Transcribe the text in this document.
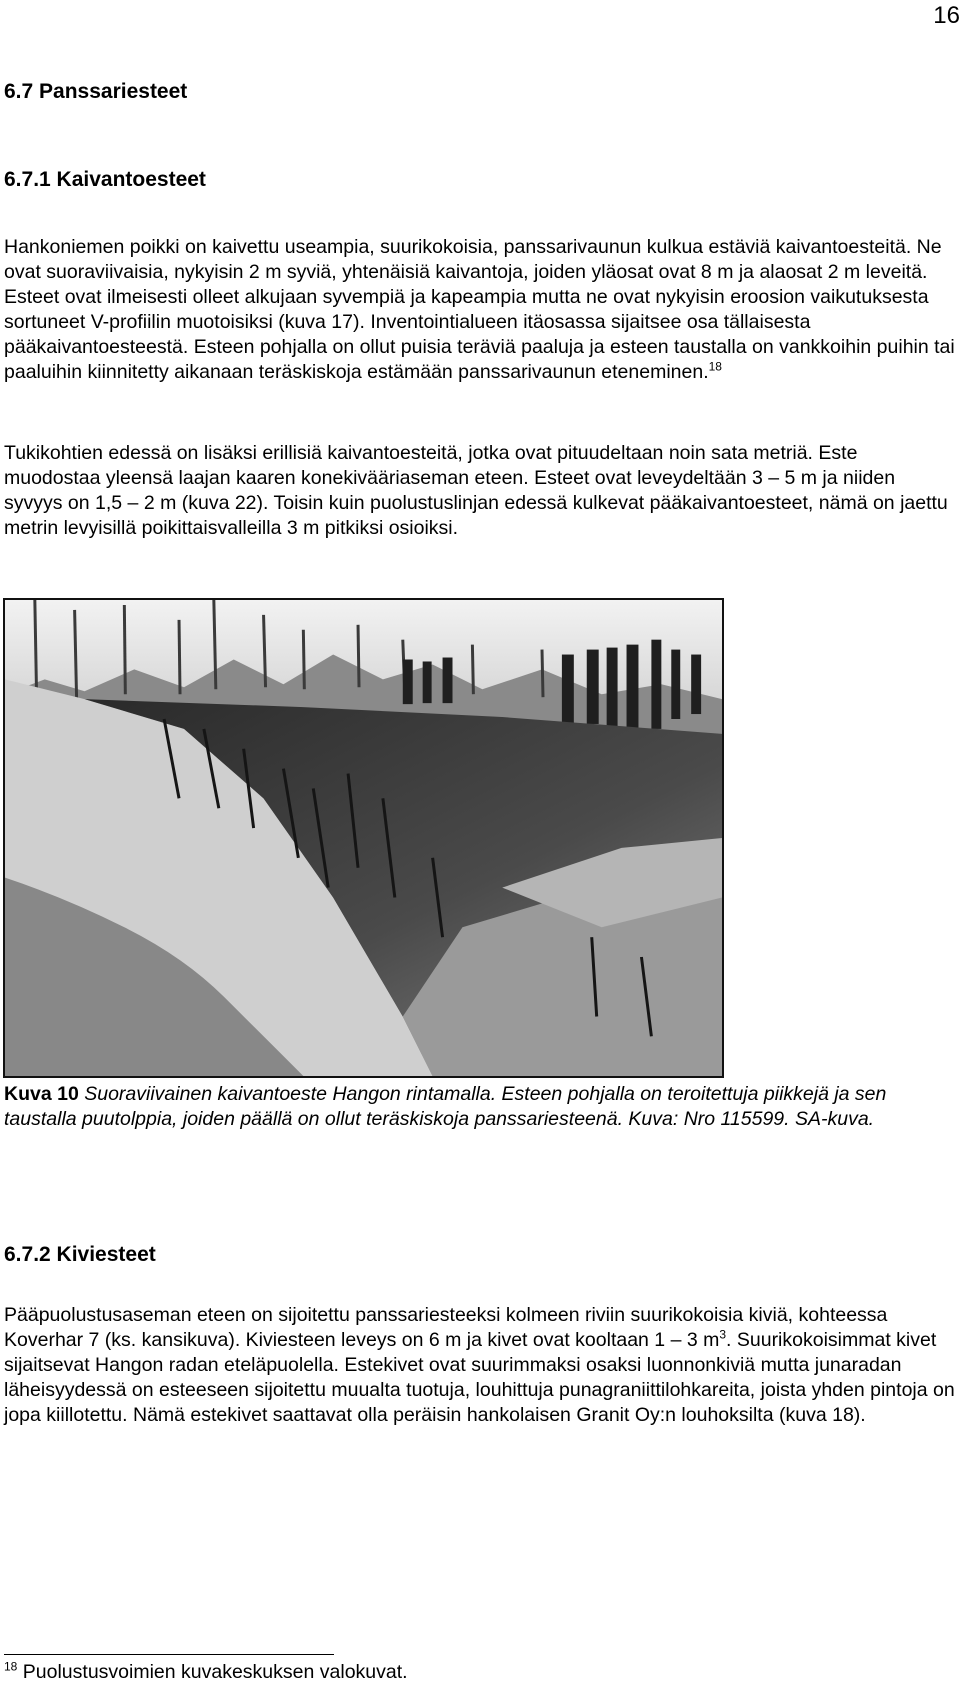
16
6.7 Panssariesteet
6.7.1 Kaivantoesteet
Hankoniemen poikki on kaivettu useampia, suurikokoisia, panssarivaunun kulkua estäviä kaivantoesteitä. Ne ovat suoraviivaisia, nykyisin 2 m syviä, yhtenäisiä kaivantoja, joiden yläosat ovat 8 m ja alaosat 2 m leveitä. Esteet ovat ilmeisesti olleet alkujaan syvempiä ja kapeampia mutta ne ovat nykyisin eroosion vaikutuksesta sortuneet V-profiilin muotoisiksi (kuva 17). Inventointialueen itäosassa sijaitsee osa tällaisesta pääkaivantoesteestä. Esteen pohjalla on ollut puisia teräviä paaluja ja esteen taustalla on vankkoihin puihin tai paaluihin kiinnitetty aikanaan teräskiskoja estämään panssarivaunun eteneminen.$^{18}$
Tukikohtien edessä on lisäksi erillisiä kaivantoesteitä, jotka ovat pituudeltaan noin sata metriä. Este muodostaa yleensä laajan kaaren konekivääriaseman eteen. Esteet ovat leveydeltään 3 – 5 m ja niiden syvyys on 1,5 – 2 m (kuva 22). Toisin kuin puolustuslinjan edessä kulkevat pääkaivantoesteet, nämä on jaettu metrin levyisillä poikittaisvalleilla 3 m pitkiksi osioiksi.
Kuva 10 Suoraviivainen kaivantoeste Hangon rintamalla. Esteen pohjalla on teroitettuja piikkejä ja sen taustalla puutolppia, joiden päällä on ollut teräskiskoja panssariesteenä. Kuva: Nro 115599. SA-kuva.
6.7.2 Kiviesteet
Pääpuolustusaseman eteen on sijoitettu panssariesteeksi kolmeen riviin suurikokoisia kiviä, kohteessa Koverhar 7 (ks. kansikuva). Kiviesteen leveys on 6 m ja kivet ovat kooltaan 1 – 3 $m^3$. Suurikokoisimmat kivet sijaitsevat Hangon radan eteläpuolella. Estekivet ovat suurimmaksi osaksi luonnonkiviä mutta junaradan läheisyydessä on esteeseen sijoitettu muualta tuotuja, louhittuja punagraniittilohkareita, joista yhden pintoja on jopa kiillotettu. Nämä estekivet saattavat olla peräisin hankolaisen Granit Oy:n louhoksilta (kuva 18).
$^{18}$ Puolustusvoimien kuvakeskuksen valokuvat.
